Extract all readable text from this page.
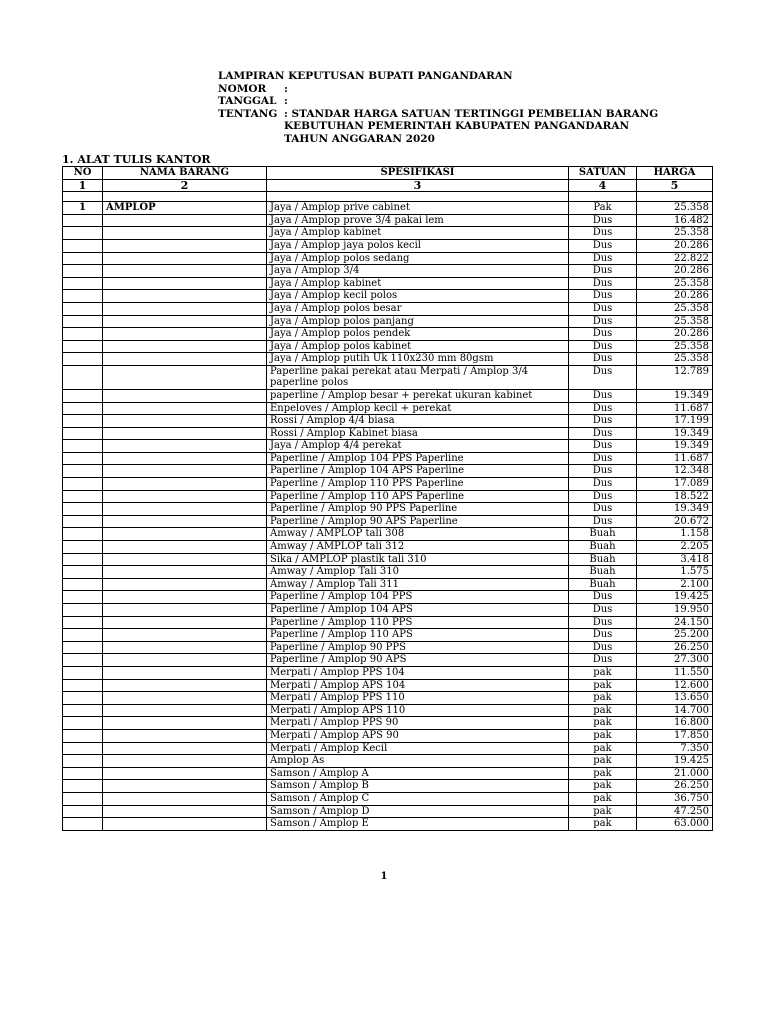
LAMPIRAN KEPUTUSAN BUPATI PANGANDARAN
NOMOR	:
TANGGAL :
TENTANG : STANDAR HARGA SATUAN TERTINGGI PEMBELIAN BARANG
KEBUTUHAN PEMERINTAH KABUPATEN PANGANDARAN
TAHUN ANGGARAN 2020
1. ALAT TULIS KANTOR
NO	NAMA BARANG	SPESIFIKASI	SATUAN	HARGA
1	2	3	4	5

1	AMPLOP	Jaya / Amplop prive cabinet	Pak	25.358
		Jaya / Amplop prove 3/4 pakai lem	Dus	16.482
		Jaya / Amplop kabinet	Dus	25.358
		Jaya / Amplop jaya polos kecil	Dus	20.286
		Jaya / Amplop polos sedang	Dus	22.822
		Jaya / Amplop 3/4	Dus	20.286
		Jaya / Amplop kabinet	Dus	25.358
		Jaya / Amplop kecil polos	Dus	20.286
		Jaya / Amplop polos besar	Dus	25.358
		Jaya / Amplop polos panjang	Dus	25.358
		Jaya / Amplop polos pendek	Dus	20.286
		Jaya / Amplop polos kabinet	Dus	25.358
		Jaya / Amplop putih Uk 110x230 mm 80gsm	Dus	25.358
		Paperline pakai perekat atau Merpati / Amplop 3/4 paperline polos	Dus	12.789
		paperline / Amplop besar + perekat ukuran kabinet	Dus	19.349
		Enpeloves / Amplop kecil + perekat	Dus	11.687
		Rossi / Amplop 4/4 biasa	Dus	17.199
		Rossi / Amplop Kabinet biasa	Dus	19.349
		Jaya / Amplop 4/4 perekat	Dus	19.349
		Paperline / Amplop 104 PPS Paperline	Dus	11.687
		Paperline / Amplop 104 APS Paperline	Dus	12.348
		Paperline / Amplop 110 PPS Paperline	Dus	17.089
		Paperline / Amplop 110 APS Paperline	Dus	18.522
		Paperline / Amplop 90 PPS Paperline	Dus	19.349
		Paperline / Amplop 90 APS Paperline	Dus	20.672
		Amway / AMPLOP tali 308	Buah	1.158
		Amway / AMPLOP tali 312	Buah	2.205
		Sika / AMPLOP plastik tali 310	Buah	3.418
		Amway / Amplop Tali 310	Buah	1.575
		Amway / Amplop Tali 311	Buah	2.100
		Paperline / Amplop 104 PPS	Dus	19.425
		Paperline / Amplop 104 APS	Dus	19.950
		Paperline / Amplop 110 PPS	Dus	24.150
		Paperline / Amplop 110 APS	Dus	25.200
		Paperline / Amplop 90 PPS	Dus	26.250
		Paperline / Amplop 90 APS	Dus	27.300
		Merpati / Amplop PPS 104	pak	11.550
		Merpati / Amplop APS 104	pak	12.600
		Merpati / Amplop PPS 110	pak	13.650
		Merpati / Amplop APS 110	pak	14.700
		Merpati / Amplop PPS 90	pak	16.800
		Merpati / Amplop APS 90	pak	17.850
		Merpati / Amplop Kecil	pak	7.350
		Amplop As	pak	19.425
		Samson / Amplop A	pak	21.000
		Samson / Amplop B	pak	26.250
		Samson / Amplop C	pak	36.750
		Samson / Amplop D	pak	47.250
		Samson / Amplop E	pak	63.000
1
